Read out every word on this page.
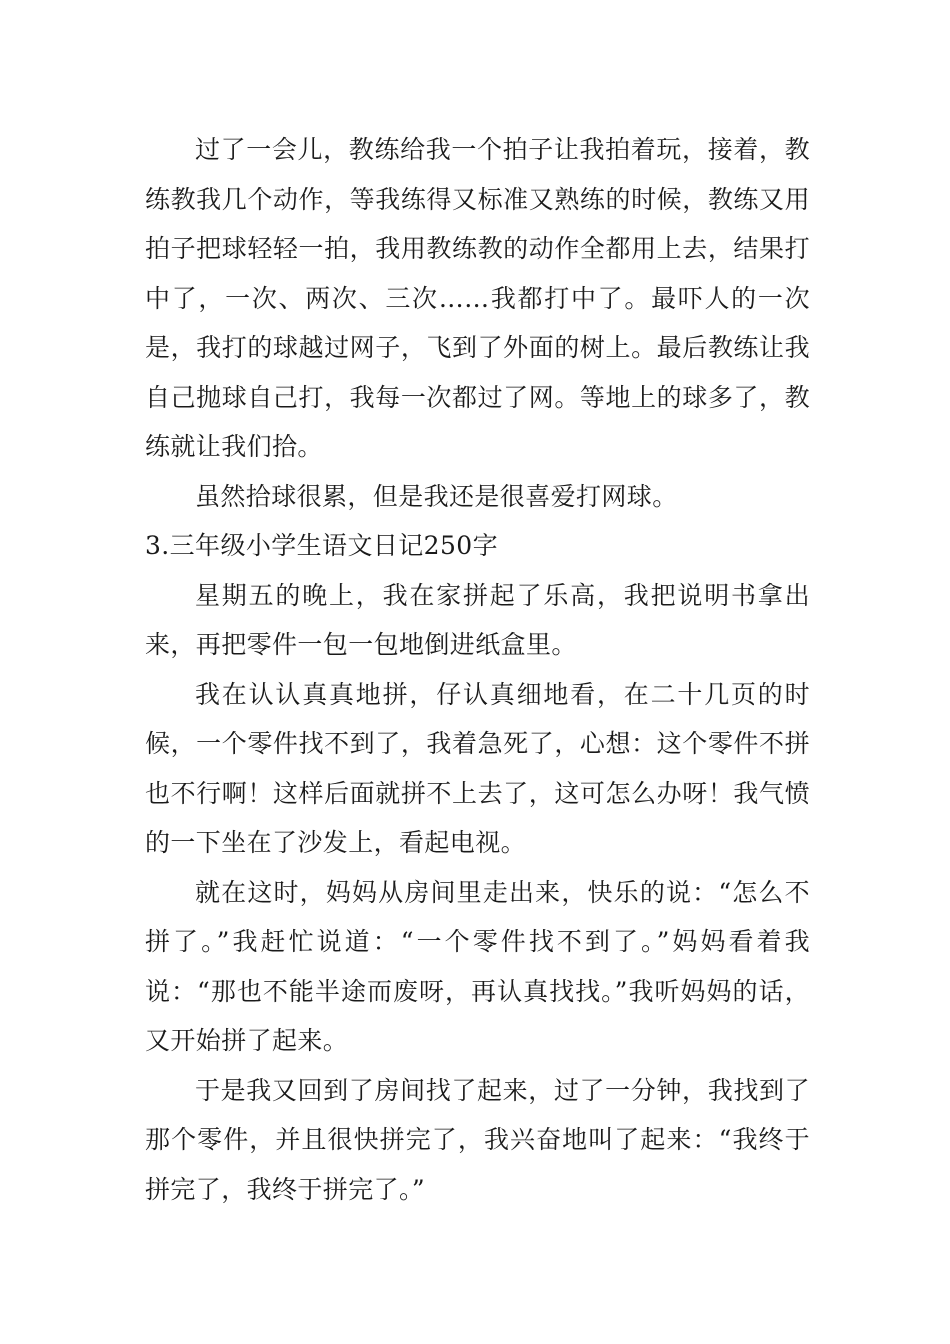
过了一会儿，教练给我一个拍子让我拍着玩，接着，教练教我几个动作，等我练得又标准又熟练的时候，教练又用拍子把球轻轻一拍，我用教练教的动作全都用上去，结果打中了，一次、两次、三次……我都打中了。最吓人的一次是，我打的球越过网子，飞到了外面的树上。最后教练让我自己抛球自己打，我每一次都过了网。等地上的球多了，教练就让我们拾。

虽然拾球很累，但是我还是很喜爱打网球。

3.三年级小学生语文日记250字

星期五的晚上，我在家拼起了乐高，我把说明书拿出来，再把零件一包一包地倒进纸盒里。

我在认认真真地拼，仔认真细地看，在二十几页的时候，一个零件找不到了，我着急死了，心想：这个零件不拼也不行啊！这样后面就拼不上去了，这可怎么办呀！我气愤的一下坐在了沙发上，看起电视。

就在这时，妈妈从房间里走出来，快乐的说：“怎么不拼了。”我赶忙说道：“一个零件找不到了。”妈妈看着我说：“那也不能半途而废呀，再认真找找。”我听妈妈的话，又开始拼了起来。

于是我又回到了房间找了起来，过了一分钟，我找到了那个零件，并且很快拼完了，我兴奋地叫了起来：“我终于拼完了，我终于拼完了。”
